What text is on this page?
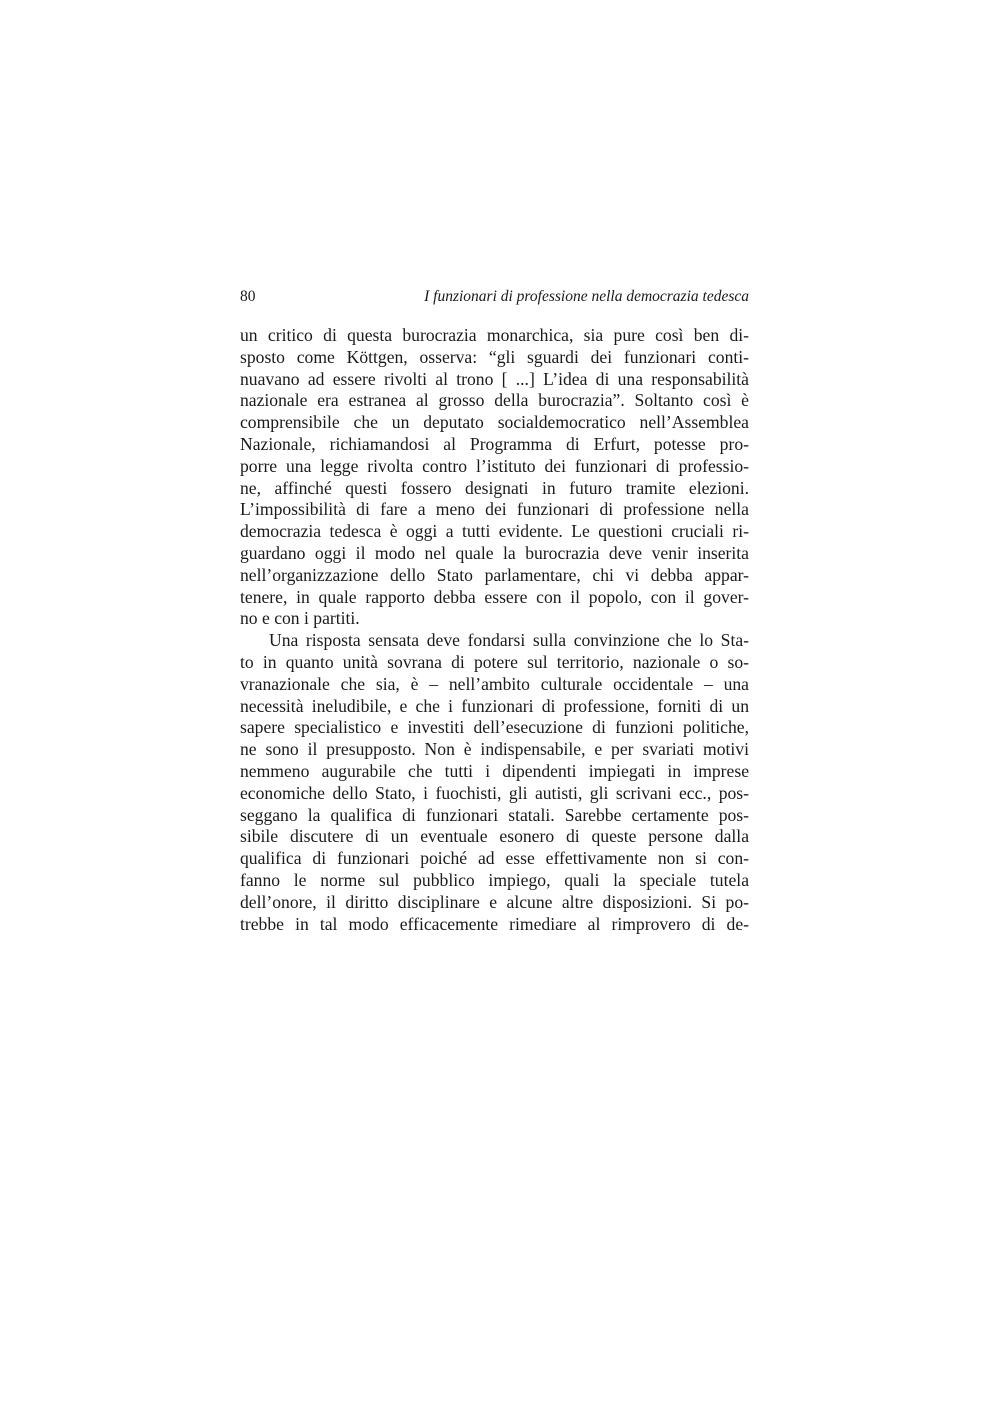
80	I funzionari di professione nella democrazia tedesca
un critico di questa burocrazia monarchica, sia pure così ben di-
sposto come Köttgen, osserva: “gli sguardi dei funzionari conti-
nuavano ad essere rivolti al trono [ ...] L’idea di una responsabilità
nazionale era estranea al grosso della burocrazia”. Soltanto così è
comprensibile che un deputato socialdemocratico nell’Assemblea
Nazionale, richiamandosi al Programma di Erfurt, potesse pro-
porre una legge rivolta contro l’istituto dei funzionari di professio-
ne, affinché questi fossero designati in futuro tramite elezioni.
L’impossibilità di fare a meno dei funzionari di professione nella
democrazia tedesca è oggi a tutti evidente. Le questioni cruciali ri-
guardano oggi il modo nel quale la burocrazia deve venir inserita
nell’organizzazione dello Stato parlamentare, chi vi debba appar-
tenere, in quale rapporto debba essere con il popolo, con il gover-
no e con i partiti.
Una risposta sensata deve fondarsi sulla convinzione che lo Sta-
to in quanto unità sovrana di potere sul territorio, nazionale o so-
vranazionale che sia, è – nell’ambito culturale occidentale – una
necessità ineludibile, e che i funzionari di professione, forniti di un
sapere specialistico e investiti dell’esecuzione di funzioni politiche,
ne sono il presupposto. Non è indispensabile, e per svariati motivi
nemmeno augurabile che tutti i dipendenti impiegati in imprese
economiche dello Stato, i fuochisti, gli autisti, gli scrivani ecc., pos-
seggano la qualifica di funzionari statali. Sarebbe certamente pos-
sibile discutere di un eventuale esonero di queste persone dalla
qualifica di funzionari poiché ad esse effettivamente non si con-
fanno le norme sul pubblico impiego, quali la speciale tutela
dell’onore, il diritto disciplinare e alcune altre disposizioni. Si po-
trebbe in tal modo efficacemente rimediare al rimprovero di de-
